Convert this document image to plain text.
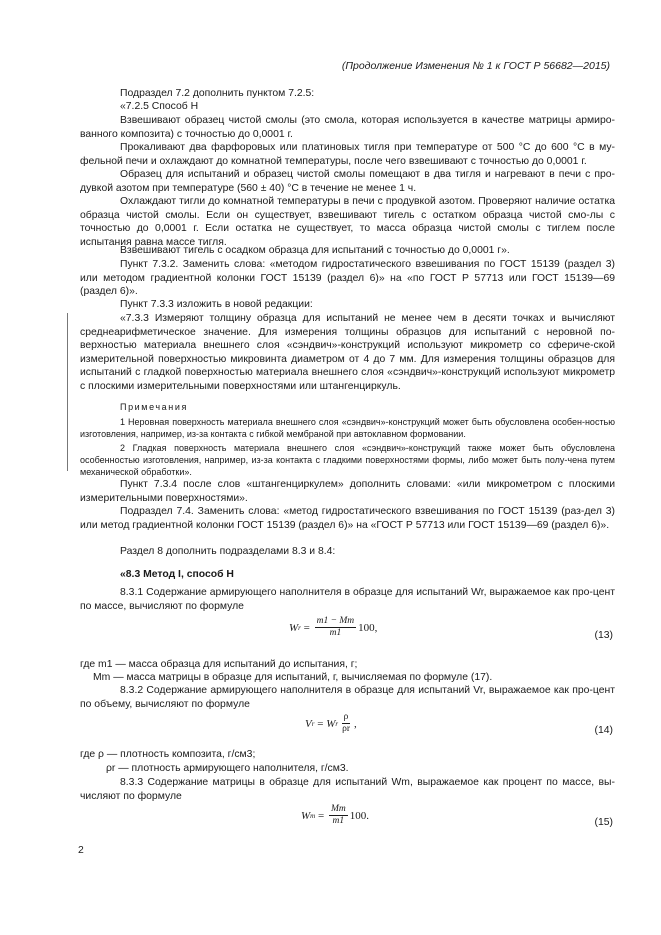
(Продолжение Изменения № 1 к ГОСТ Р 56682—2015)
Подраздел 7.2 дополнить пунктом 7.2.5:
«7.2.5 Способ Н
Взвешивают образец чистой смолы (это смола, которая используется в качестве матрицы армиро-ванного композита) с точностью до 0,0001 г.
Прокаливают два фарфоровых или платиновых тигля при температуре от 500 °С до 600 °С в му-фельной печи и охлаждают до комнатной температуры, после чего взвешивают с точностью до 0,0001 г.
Образец для испытаний и образец чистой смолы помещают в два тигля и нагревают в печи с про-дувкой азотом при температуре (560 ± 40) °С в течение не менее 1 ч.
Охлаждают тигли до комнатной температуры в печи с продувкой азотом. Проверяют наличие остатка образца чистой смолы. Если он существует, взвешивают тигель с остатком образца чистой смо-лы с точностью до 0,0001 г. Если остатка не существует, то масса образца чистой смолы с тиглем после испытания равна массе тигля.
Взвешивают тигель с осадком образца для испытаний с точностью до 0,0001 г».
Пункт 7.3.2. Заменить слова: «методом гидростатического взвешивания по ГОСТ 15139 (раздел 3) или методом градиентной колонки ГОСТ 15139 (раздел 6)» на «по ГОСТ Р 57713 или ГОСТ 15139—69 (раздел 6)».
Пункт 7.3.3 изложить в новой редакции:
«7.3.3 Измеряют толщину образца для испытаний не менее чем в десяти точках и вычисляют среднеарифметическое значение. Для измерения толщины образцов для испытаний с неровной по-верхностью материала внешнего слоя «сэндвич»-конструкций используют микрометр со сфериче-ской измерительной поверхностью микровинта диаметром от 4 до 7 мм. Для измерения толщины образцов для испытаний с гладкой поверхностью материала внешнего слоя «сэндвич»-конструкций используют микрометр с плоскими измерительными поверхностями или штангенциркуль.
Примечания
1 Неровная поверхность материала внешнего слоя «сэндвич»-конструкций может быть обусловлена особен-ностью изготовления, например, из-за контакта с гибкой мембраной при автоклавном формовании.
2 Гладкая поверхность материала внешнего слоя «сэндвич»-конструкций также может быть обусловлена особенностью изготовления, например, из-за контакта с гладкими поверхностями формы, либо может быть полу-чена путем механической обработки».
Пункт 7.3.4 после слов «штангенциркулем» дополнить словами: «или микрометром с плоскими измерительными поверхностями».
Подраздел 7.4. Заменить слова: «метод гидростатического взвешивания по ГОСТ 15139 (раз-дел 3) или метод градиентной колонки ГОСТ 15139 (раздел 6)» на «ГОСТ Р 57713 или ГОСТ 15139—69 (раздел 6)».
Раздел 8 дополнить подразделами 8.3 и 8.4:
«8.3 Метод I, способ Н
8.3.1 Содержание армирующего наполнителя в образце для испытаний Wr, выражаемое как про-цент по массе, вычисляют по формуле
W $r = \frac{m1 - Mm}{m1} 100$,
(13)
где m1 — масса образца для испытаний до испытания, г;
Mm — масса матрицы в образце для испытаний, г, вычисляемая по формуле (17).
8.3.2 Содержание армирующего наполнителя в образце для испытаний Vr, выражаемое как про-цент по объему, вычисляют по формуле
V r = W r $\frac{\rho}{\rho r}$ ,
(14)
где ρ — плотность композита, г/см3;
ρr — плотность армирующего наполнителя, г/см3.
8.3.3 Содержание матрицы в образце для испытаний Wm, выражаемое как процент по массе, вы-числяют по формуле
W $m = \frac{Mm}{m1} 100$.
(15)
2
